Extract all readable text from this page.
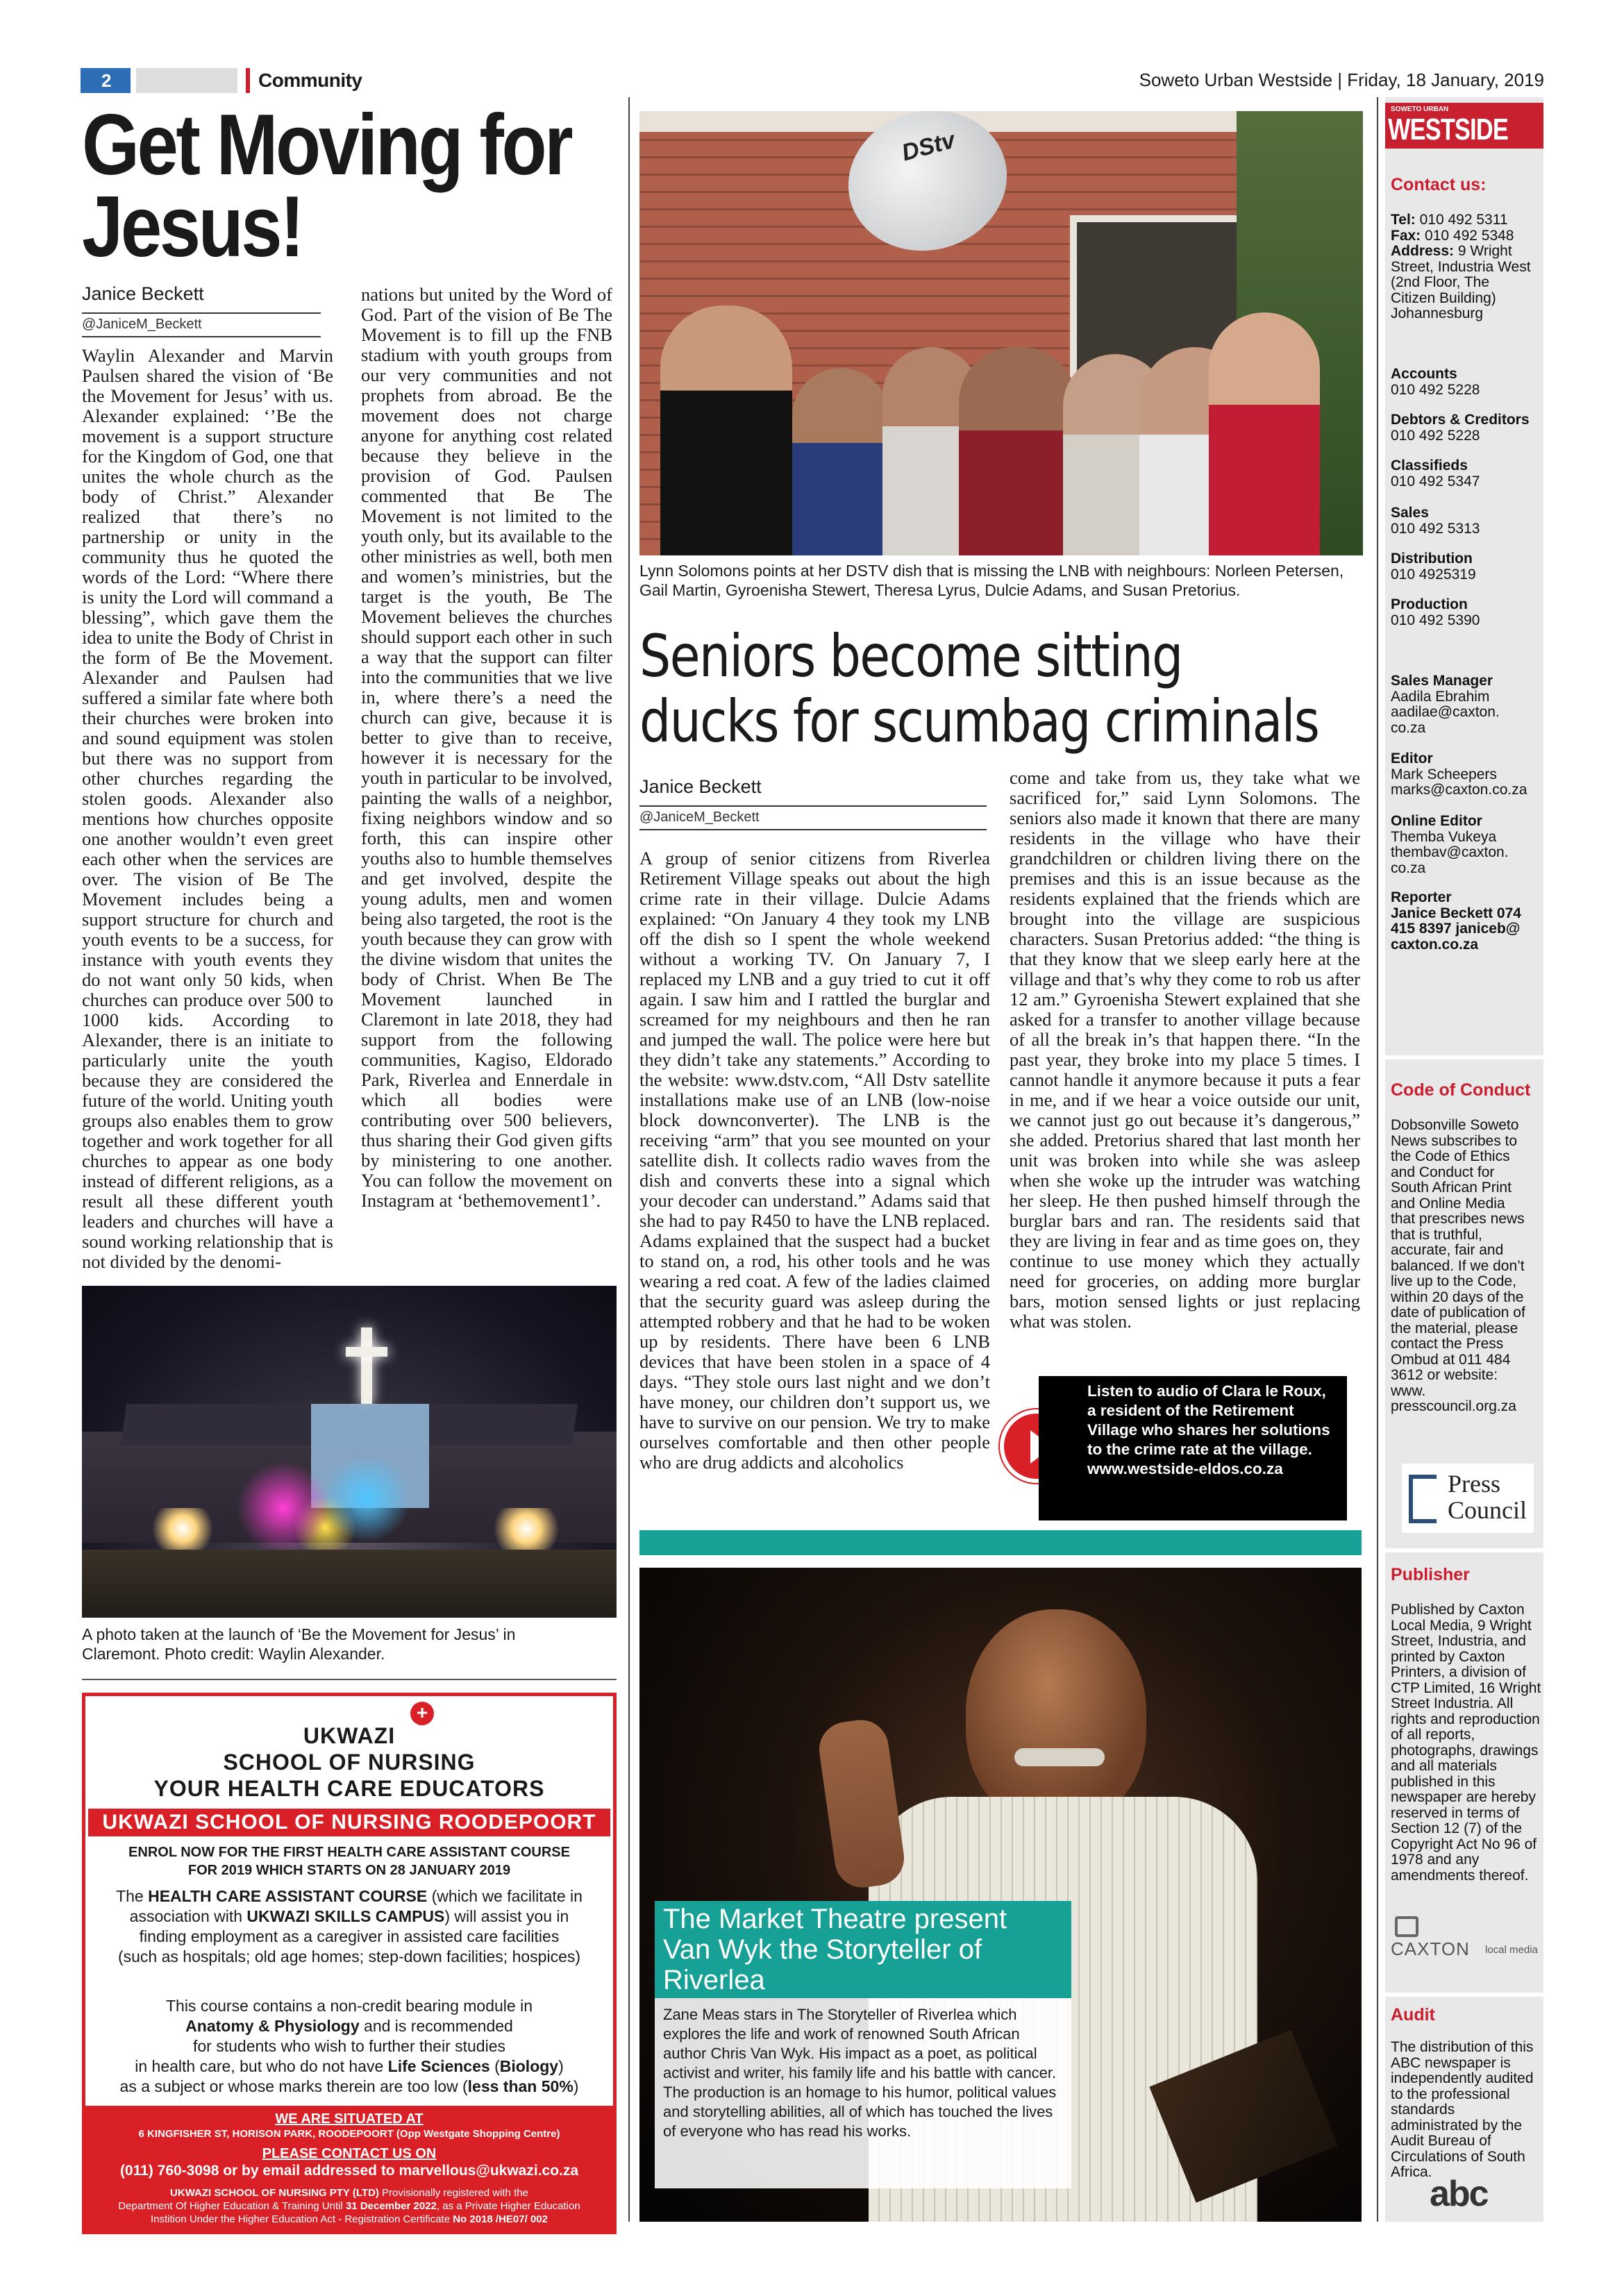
2	Community	Soweto Urban Westside | Friday, 18 January, 2019
Get Moving for
Jesus!
Janice Beckett
@JaniceM_Beckett
Waylin Alexander and Marvin Paulsen shared the vision of ‘Be the Movement for Jesus’ with us. Alexander explained: ‘’Be the movement is a support structure for the Kingdom of God, one that unites the whole church as the body of Christ.” Alexander realized that there’s no partnership or unity in the community thus he quoted the words of the Lord: “Where there is unity the Lord will command a blessing”, which gave them the idea to unite the Body of Christ in the form of Be the Movement. Alexander and Paulsen had suffered a similar fate where both their churches were broken into and sound equipment was stolen but there was no support from other churches regarding the stolen goods. Alexander also mentions how churches opposite one another wouldn’t even greet each other when the services are over. The vision of Be The Movement includes being a support structure for church and youth events to be a success, for instance with youth events they do not want only 50 kids, when churches can produce over 500 to 1000 kids. According to Alexander, there is an initiate to particularly unite the youth because they are considered the future of the world. Uniting youth groups also enables them to grow together and work together for all churches to appear as one body instead of different religions, as a result all these different youth leaders and churches will have a sound working relationship that is not divided by the denomi-
nations but united by the Word of God. Part of the vision of Be The Movement is to fill up the FNB stadium with youth groups from our very communities and not prophets from abroad. Be the movement does not charge anyone for anything cost related because they believe in the provision of God. Paulsen commented that Be The Movement is not limited to the youth only, but its available to the other ministries as well, both men and women’s ministries, but the target is the youth, Be The Movement believes the churches should support each other in such a way that the support can filter into the communities that we live in, where there’s a need the church can give, because it is better to give than to receive, however it is necessary for the youth in particular to be involved, painting the walls of a neighbor, fixing neighbors window and so forth, this can inspire other youths also to humble themselves and get involved, despite the young adults, men and women being also targeted, the root is the youth because they can grow with the divine wisdom that unites the body of Christ. When Be The Movement launched in Claremont in late 2018, they had support from the following communities, Kagiso, Eldorado Park, Riverlea and Ennerdale in which all bodies were contributing over 500 believers, thus sharing their God given gifts by ministering to one another. You can follow the movement on Instagram at ‘bethemovement1’.
A photo taken at the launch of ‘Be the Movement for Jesus’ in Claremont. Photo credit: Waylin Alexander.
+
UKWAZI
SCHOOL OF NURSING
YOUR HEALTH CARE EDUCATORS
UKWAZI SCHOOL OF NURSING ROODEPOORT
ENROL NOW FOR THE FIRST HEALTH CARE ASSISTANT COURSE
FOR 2019 WHICH STARTS ON 28 JANUARY 2019
The HEALTH CARE ASSISTANT COURSE (which we facilitate in
association with UKWAZI SKILLS CAMPUS) will assist you in
finding employment as a caregiver in assisted care facilities
(such as hospitals; old age homes; step-down facilities; hospices)
This course contains a non-credit bearing module in
Anatomy & Physiology and is recommended
for students who wish to further their studies
in health care, but who do not have Life Sciences (Biology)
as a subject or whose marks therein are too low (less than 50%)
WE ARE SITUATED AT
6 KINGFISHER ST, HORISON PARK, ROODEPOORT (Opp Westgate Shopping Centre)
PLEASE CONTACT US ON
(011) 760-3098 or by email addressed to marvellous@ukwazi.co.za
UKWAZI SCHOOL OF NURSING PTY (LTD) Provisionally registered with the
Department Of Higher Education & Training Until 31 December 2022, as a Private Higher Education
Instition Under the Higher Education Act - Registration Certificate No 2018 /HE07/ 002
DStv
Lynn Solomons points at her DSTV dish that is missing the LNB with neighbours: Norleen Petersen, Gail Martin, Gyroenisha Stewert, Theresa Lyrus, Dulcie Adams, and Susan Pretorius.
Seniors become sitting
ducks for scumbag criminals
Janice Beckett
@JaniceM_Beckett
A group of senior citizens from Riverlea Retirement Village speaks out about the high crime rate in their village. Dulcie Adams explained: “On January 4 they took my LNB off the dish so I spent the whole weekend without a working TV. On January 7, I replaced my LNB and a guy tried to cut it off again. I saw him and I rattled the burglar and screamed for my neighbours and then he ran and jumped the wall. The police were here but they didn’t take any statements.” According to the website: www.dstv.com, “All Dstv satellite installations make use of an LNB (low-noise block downconverter). The LNB is the receiving “arm” that you see mounted on your satellite dish. It collects radio waves from the dish and converts these into a signal which your decoder can understand.” Adams said that she had to pay R450 to have the LNB replaced. Adams explained that the suspect had a bucket to stand on, a rod, his other tools and he was wearing a red coat. A few of the ladies claimed that the security guard was asleep during the attempted robbery and that he had to be woken up by residents. There have been 6 LNB devices that have been stolen in a space of 4 days. “They stole ours last night and we don’t have money, our children don’t support us, we have to survive on our pension. We try to make ourselves comfortable and then other people who are drug addicts and alcoholics
come and take from us, they take what we sacrificed for,” said Lynn Solomons. The seniors also made it known that there are many residents in the village who have their grandchildren or children living there on the premises and this is an issue because as the residents explained that the friends which are brought into the village are suspicious characters. Susan Pretorius added: “the thing is that they know that we sleep early here at the village and that’s why they come to rob us after 12 am.” Gyroenisha Stewert explained that she asked for a transfer to another village because of all the break in’s that happen there. “In the past year, they broke into my place 5 times. I cannot handle it anymore because it puts a fear in me, and if we hear a voice outside our unit, we cannot just go out because it’s dangerous,” she added. Pretorius shared that last month her unit was broken into while she was asleep when she woke up the intruder was watching her sleep. He then pushed himself through the burglar bars and ran. The residents said that they are living in fear and as time goes on, they continue to use money which they actually need for groceries, on adding more burglar bars, motion sensed lights or just replacing what was stolen.
Listen to audio of Clara le Roux, a resident of the Retirement Village who shares her solutions to the crime rate at the village. www.westside-eldos.co.za
The Market Theatre present
Van Wyk the Storyteller of
Riverlea
Zane Meas stars in The Storyteller of Riverlea which explores the life and work of renowned South African author Chris Van Wyk. His impact as a poet, as political activist and writer, his family life and his battle with cancer. The production is an homage to his humor, political values and storytelling abilities, all of which has touched the lives of everyone who has read his works.
SOWETO URBAN
WESTSIDE
Contact us:
Tel: 010 492 5311
Fax: 010 492 5348
Address: 9 Wright Street, Industria West (2nd Floor, The Citizen Building) Johannesburg
Accounts
010 492 5228
Debtors & Creditors
010 492 5228
Classifieds
010 492 5347
Sales
010 492 5313
Distribution
010 4925319
Production
010 492 5390
Sales Manager
Aadila Ebrahim aadilae@caxton. co.za
Editor
Mark Scheepers marks@caxton.co.za
Online Editor
Themba Vukeya thembav@caxton. co.za
Reporter
Janice Beckett 074 415 8397 janiceb@ caxton.co.za
Code of Conduct
Dobsonville Soweto News subscribes to the Code of Ethics and Conduct for South African Print and Online Media that prescribes news that is truthful, accurate, fair and balanced. If we don’t live up to the Code, within 20 days of the date of publication of the material, please contact the Press Ombud at 011 484 3612 or website: www. presscouncil.org.za
Press
Council
Publisher
Published by Caxton Local Media, 9 Wright Street, Industria, and printed by Caxton Printers, a division of CTP Limited, 16 Wright Street Industria. All rights and reproduction of all reports, photographs, drawings and all materials published in this newspaper are hereby reserved in terms of Section 12 (7) of the Copyright Act No 96 of 1978 and any amendments thereof.
CAXTON local media
Audit
The distribution of this ABC newspaper is independently audited to the professional standards administrated by the Audit Bureau of Circulations of South Africa.
abc
